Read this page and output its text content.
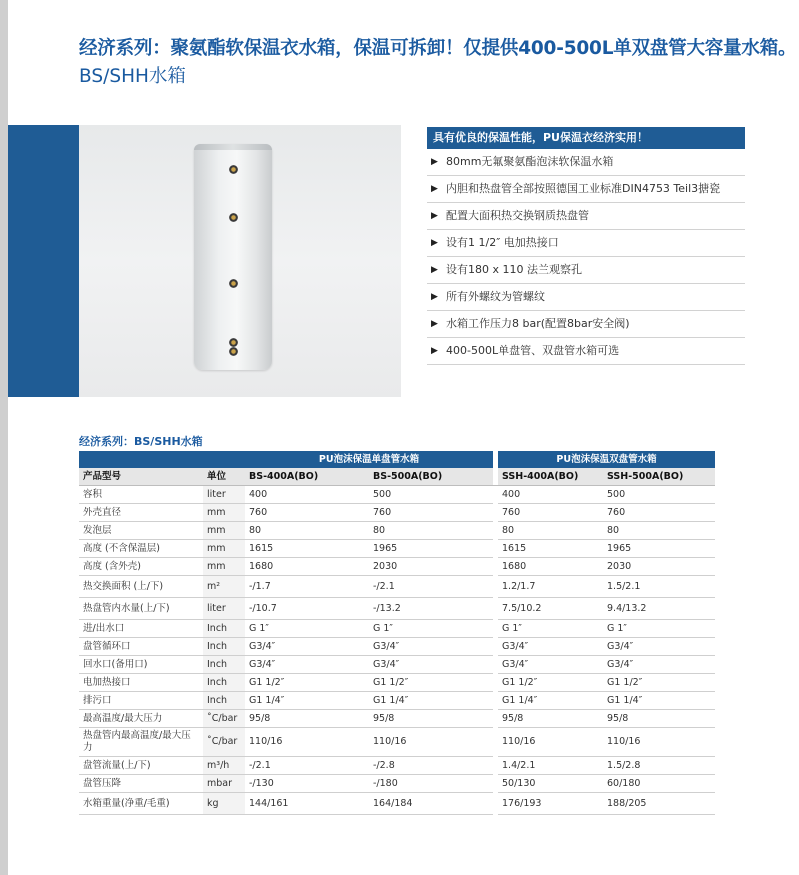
经济系列：聚氨酯软保温衣水箱，保温可拆卸！仅提供400-500L单双盘管大容量水箱。
BS/SHH水箱
具有优良的保温性能，PU保温衣经济实用！
▶ 80mm无氟聚氨酯泡沫软保温水箱
▶ 内胆和热盘管全部按照德国工业标准DIN4753 Teil3搪瓷
▶ 配置大面积热交换钢质热盘管
▶ 设有1 1/2″ 电加热接口
▶ 设有180 x 110 法兰观察孔
▶ 所有外螺纹为管螺纹
▶ 水箱工作压力8 bar(配置8bar安全阀)
▶ 400-500L单盘管、双盘管水箱可选
经济系列：BS/SHH水箱
		PU泡沫保温单盘管水箱			PU泡沫保温双盘管水箱	
产品型号	单位	BS-400A(BO)	BS-500A(BO)		SSH-400A(BO)	SSH-500A(BO)
容积	liter	400	500		400	500
外壳直径	mm	760	760		760	760
发泡层	mm	80	80		80	80
高度 (不含保温层)	mm	1615	1965		1615	1965
高度 (含外壳)	mm	1680	2030		1680	2030
热交换面积 (上/下)	m²	-/1.7	-/2.1		1.2/1.7	1.5/2.1
热盘管内水量(上/下)	liter	-/10.7	-/13.2		7.5/10.2	9.4/13.2
进/出水口	Inch	G 1″	G 1″		G 1″	G 1″
盘管循环口	Inch	G3/4″	G3/4″		G3/4″	G3/4″
回水口(备用口)	Inch	G3/4″	G3/4″		G3/4″	G3/4″
电加热接口	Inch	G1 1/2″	G1 1/2″		G1 1/2″	G1 1/2″
排污口	Inch	G1 1/4″	G1 1/4″		G1 1/4″	G1 1/4″
最高温度/最大压力	˚C/bar	95/8	95/8		95/8	95/8
热盘管内最高温度/最大压力	˚C/bar	110/16	110/16		110/16	110/16
盘管流量(上/下)	m³/h	-/2.1	-/2.8		1.4/2.1	1.5/2.8
盘管压降	mbar	-/130	-/180		50/130	60/180
水箱重量(净重/毛重)	kg	144/161	164/184		176/193	188/205
